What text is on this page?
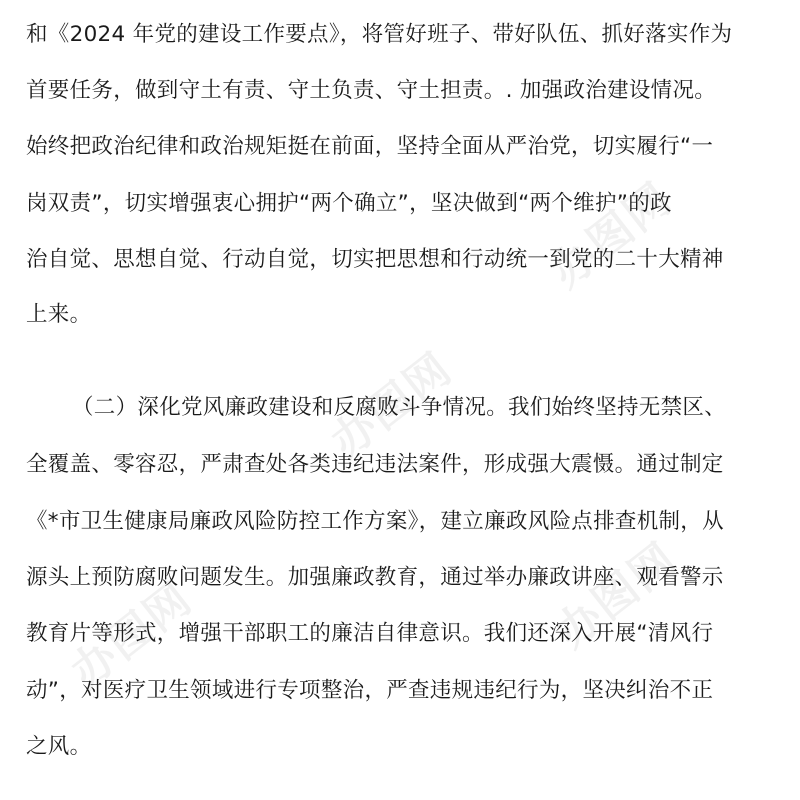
办图网
办图网
办图网
办图网
和《2024 年党的建设工作要点》，将管好班子、带好队伍、抓好落实作为
首要任务，做到守土有责、守土负责、守土担责。. 加强政治建设情况。
始终把政治纪律和政治规矩挺在前面，坚持全面从严治党，切实履行“一
岗双责”，切实增强衷心拥护“两个确立”，坚决做到“两个维护”的政
治自觉、思想自觉、行动自觉，切实把思想和行动统一到党的二十大精神
上来。
（二）深化党风廉政建设和反腐败斗争情况。我们始终坚持无禁区、
全覆盖、零容忍，严肃查处各类违纪违法案件，形成强大震慑。通过制定
《*市卫生健康局廉政风险防控工作方案》，建立廉政风险点排查机制，从
源头上预防腐败问题发生。加强廉政教育，通过举办廉政讲座、观看警示
教育片等形式，增强干部职工的廉洁自律意识。我们还深入开展“清风行
动”，对医疗卫生领域进行专项整治，严查违规违纪行为，坚决纠治不正
之风。
